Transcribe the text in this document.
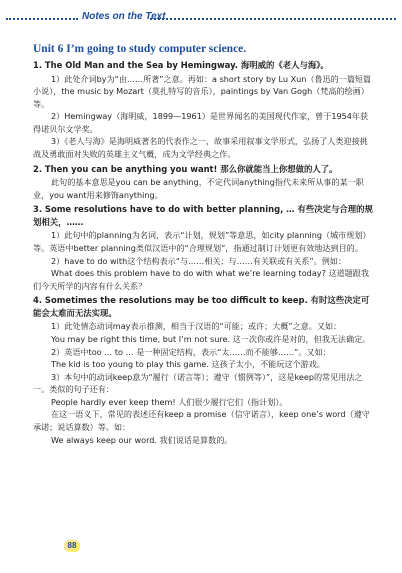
Notes on the Text
Unit 6 I’m going to study computer science.
1. The Old Man and the Sea by Hemingway. 海明威的《老人与海》。
1）此处介词by为“由……所著”之意。再如：a short story by Lu Xun（鲁迅的一篇短篇小说），the music by Mozart（莫扎特写的音乐），paintings by Van Gogh（梵高的绘画）等。
2）Hemingway（海明威，1899—1961）是世界闻名的美国现代作家，曾于1954年获得诺贝尔文学奖。
3）《老人与海》是海明威著名的代表作之一，故事采用叙事文学形式，弘扬了人类迎接挑战及勇敢面对失败的英雄主义气概，成为文学经典之作。
2. Then you can be anything you want! 那么你就能当上你想做的人了。
此句的基本意思是you can be anything，不定代词anything指代未来所从事的某一职业，you want用来修饰anything。
3. Some resolutions have to do with better planning, … 有些决定与合理的规划相关，……
1）此句中的planning为名词，表示“计划，规划”等意思，如city planning（城市规划）等。英语中better planning类似汉语中的“合理规划”，指通过制订计划更有效地达到目的。
2）have to do with这个结构表示“与……相关；与……有关联或有关系”。例如：
What does this problem have to do with what we’re learning today? 这道题跟我们今天所学的内容有什么关系？
4. Sometimes the resolutions may be too difficult to keep. 有时这些决定可能会太难而无法实现。
1）此处情态动词may表示推测，相当于汉语的“可能；或许；大概”之意。又如：
You may be right this time, but I’m not sure. 这一次你或许是对的，但我无法确定。
2）英语中too … to … 是一种固定结构，表示“太……而不能够……”。又如：
The kid is too young to play this game. 这孩子太小，不能玩这个游戏。
3）本句中的动词keep意为“履行（诺言等）；遵守（惯例等）”，这是keep的常见用法之一。类似的句子还有：
People hardly ever keep them! 人们很少履行它们（指计划）。
在这一语义下，常见的表述还有keep a promise（信守诺言），keep one’s word（遵守承诺；说话算数）等。如：
We always keep our word. 我们说话是算数的。
88
